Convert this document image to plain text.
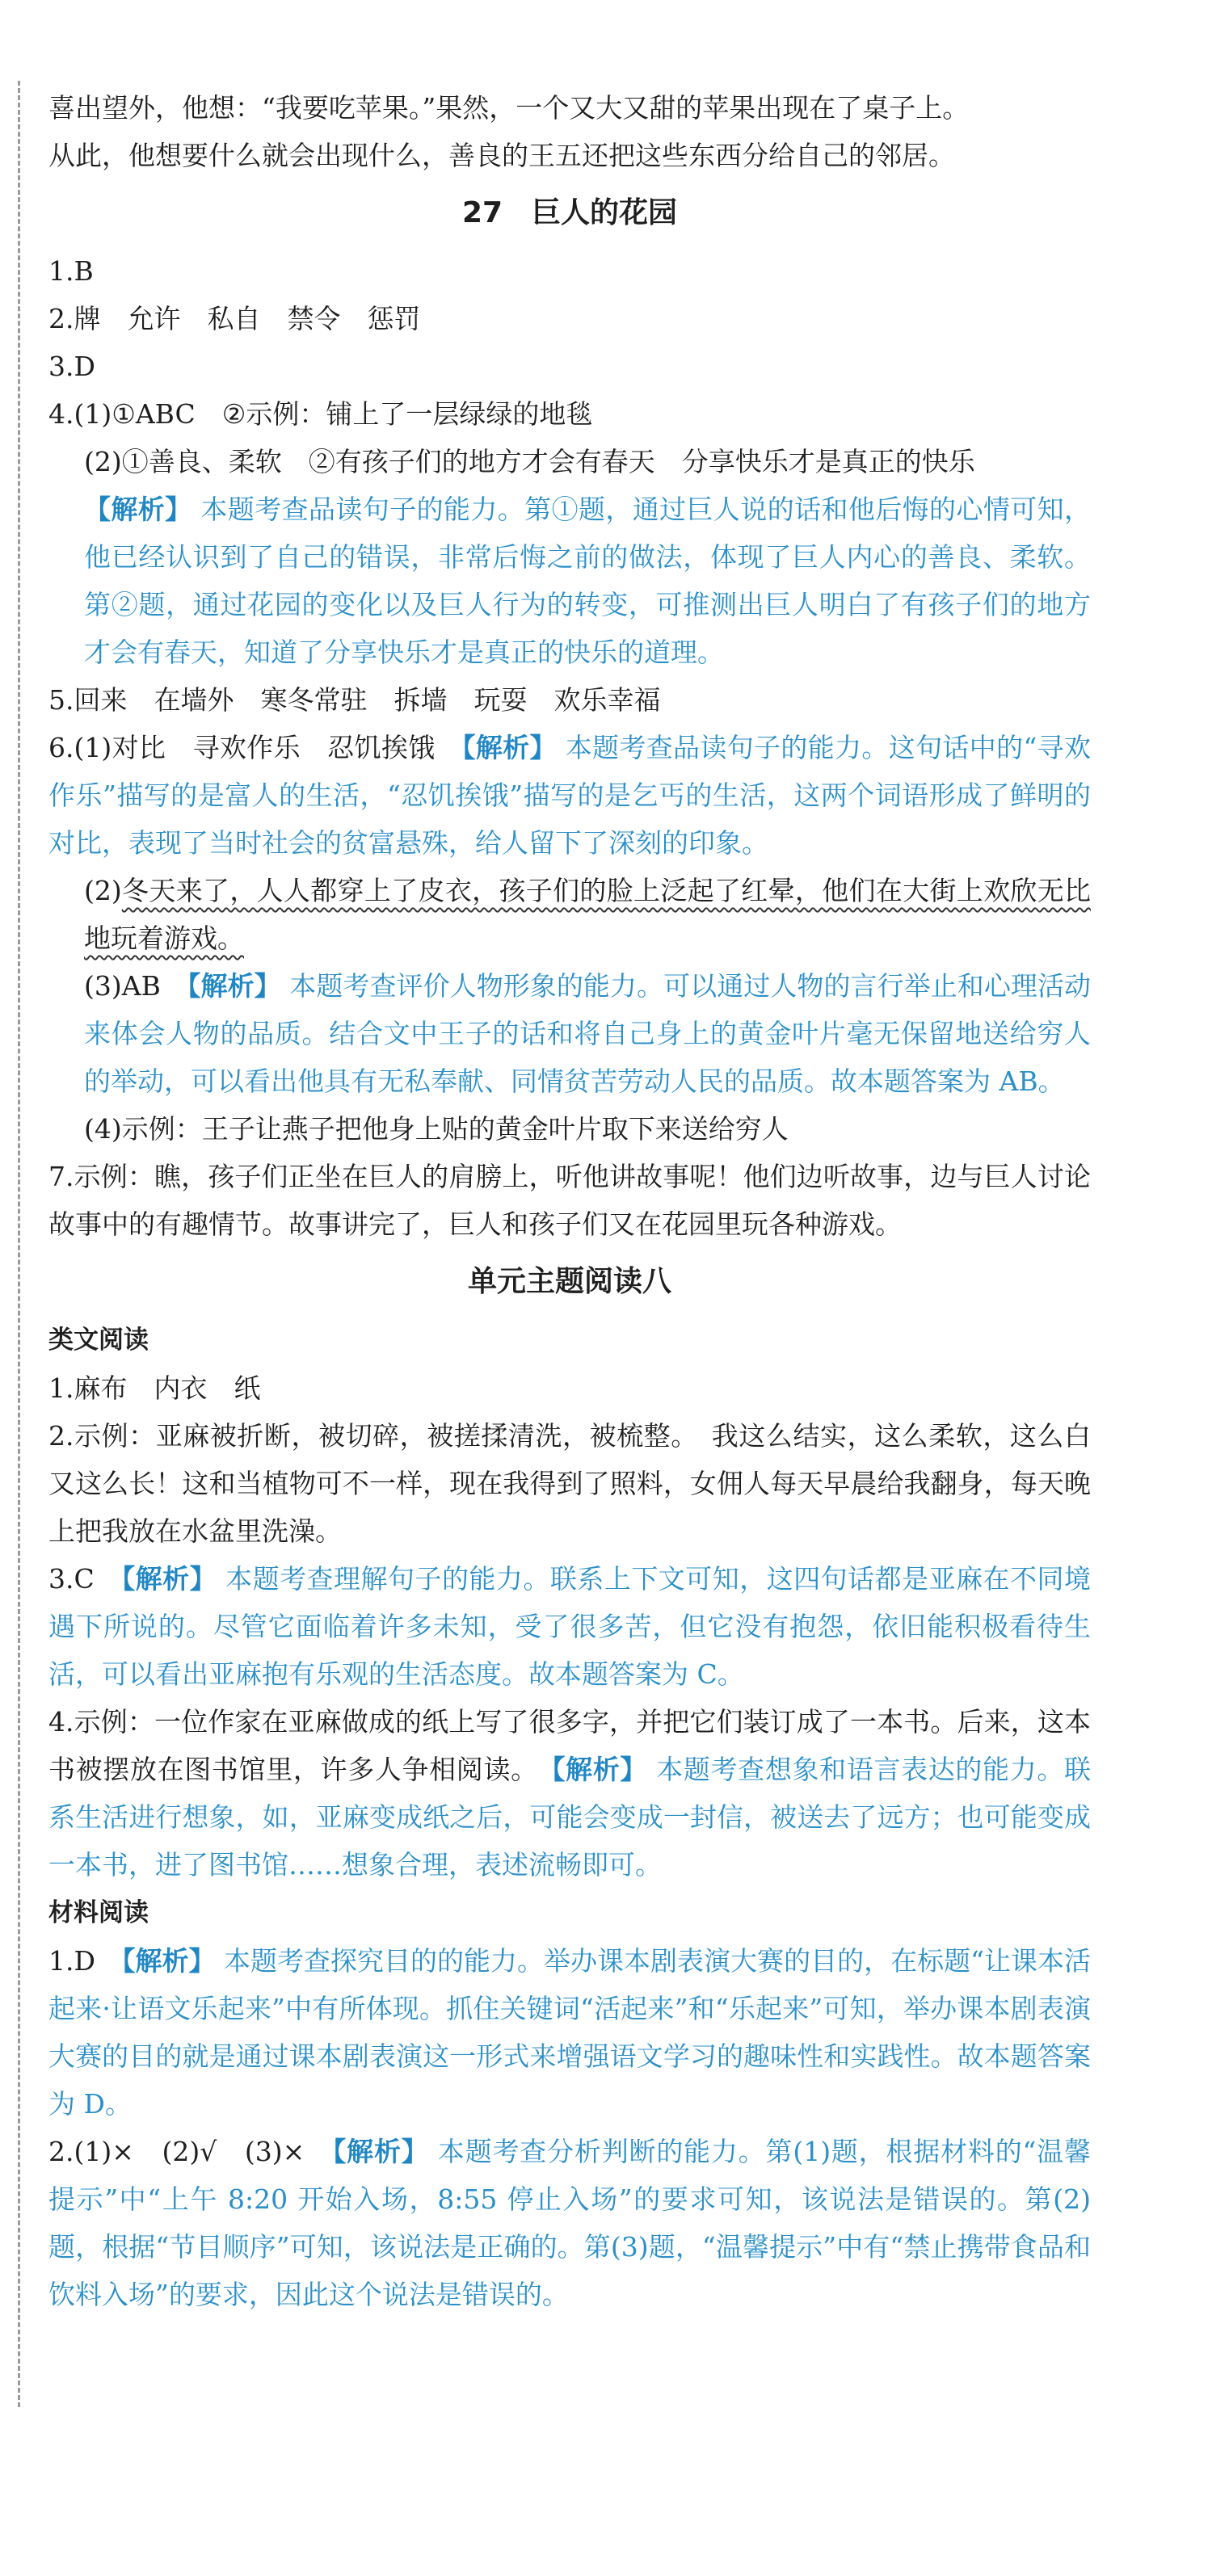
喜出望外，他想：“我要吃苹果。”果然，一个又大又甜的苹果出现在了桌子上。

从此，他想要什么就会出现什么，善良的王五还把这些东西分给自己的邻居。

27　巨人的花园

1.B

2.牌　允许　私自　禁令　惩罚

3.D

4.(1)①ABC　②示例：铺上了一层绿绿的地毯

(2)①善良、柔软　②有孩子们的地方才会有春天　分享快乐才是真正的快乐

【解析】 本题考查品读句子的能力。第①题，通过巨人说的话和他后悔的心情可知，他已经认识到了自己的错误，非常后悔之前的做法，体现了巨人内心的善良、柔软。第②题，通过花园的变化以及巨人行为的转变，可推测出巨人明白了有孩子们的地方才会有春天，知道了分享快乐才是真正的快乐的道理。

5.回来　在墙外　寒冬常驻　拆墙　玩耍　欢乐幸福

6.(1)对比　寻欢作乐　忍饥挨饿　【解析】 本题考查品读句子的能力。这句话中的“寻欢作乐”描写的是富人的生活，“忍饥挨饿”描写的是乞丐的生活，这两个词语形成了鲜明的对比，表现了当时社会的贫富悬殊，给人留下了深刻的印象。

(2)冬天来了，人人都穿上了皮衣，孩子们的脸上泛起了红晕，他们在大街上欢欣无比地玩着游戏。

(3)AB　【解析】 本题考查评价人物形象的能力。可以通过人物的言行举止和心理活动来体会人物的品质。结合文中王子的话和将自己身上的黄金叶片毫无保留地送给穷人的举动，可以看出他具有无私奉献、同情贫苦劳动人民的品质。故本题答案为 AB。

(4)示例：王子让燕子把他身上贴的黄金叶片取下来送给穷人

7.示例：瞧，孩子们正坐在巨人的肩膀上，听他讲故事呢！他们边听故事，边与巨人讨论故事中的有趣情节。故事讲完了，巨人和孩子们又在花园里玩各种游戏。

单元主题阅读八
类文阅读

1.麻布　内衣　纸

2.示例：亚麻被折断，被切碎，被搓揉清洗，被梳整。　我这么结实，这么柔软，这么白又这么长！这和当植物可不一样，现在我得到了照料，女佣人每天早晨给我翻身，每天晚上把我放在水盆里洗澡。

3.C　【解析】 本题考查理解句子的能力。联系上下文可知，这四句话都是亚麻在不同境遇下所说的。尽管它面临着许多未知，受了很多苦，但它没有抱怨，依旧能积极看待生活，可以看出亚麻抱有乐观的生活态度。故本题答案为 C。

4.示例：一位作家在亚麻做成的纸上写了很多字，并把它们装订成了一本书。后来，这本书被摆放在图书馆里，许多人争相阅读。　【解析】 本题考查想象和语言表达的能力。联系生活进行想象，如，亚麻变成纸之后，可能会变成一封信，被送去了远方；也可能变成一本书，进了图书馆……想象合理，表述流畅即可。

材料阅读

1.D　【解析】 本题考查探究目的的能力。举办课本剧表演大赛的目的，在标题“让课本活起来·让语文乐起来”中有所体现。抓住关键词“活起来”和“乐起来”可知，举办课本剧表演大赛的目的就是通过课本剧表演这一形式来增强语文学习的趣味性和实践性。故本题答案为 D。

2.(1)×　(2)√　(3)×　【解析】 本题考查分析判断的能力。第(1)题，根据材料的“温馨提示”中“上午 8:20 开始入场，8:55 停止入场”的要求可知，该说法是错误的。第(2)题，根据“节目顺序”可知，该说法是正确的。第(3)题，“温馨提示”中有“禁止携带食品和饮料入场”的要求，因此这个说法是错误的。
